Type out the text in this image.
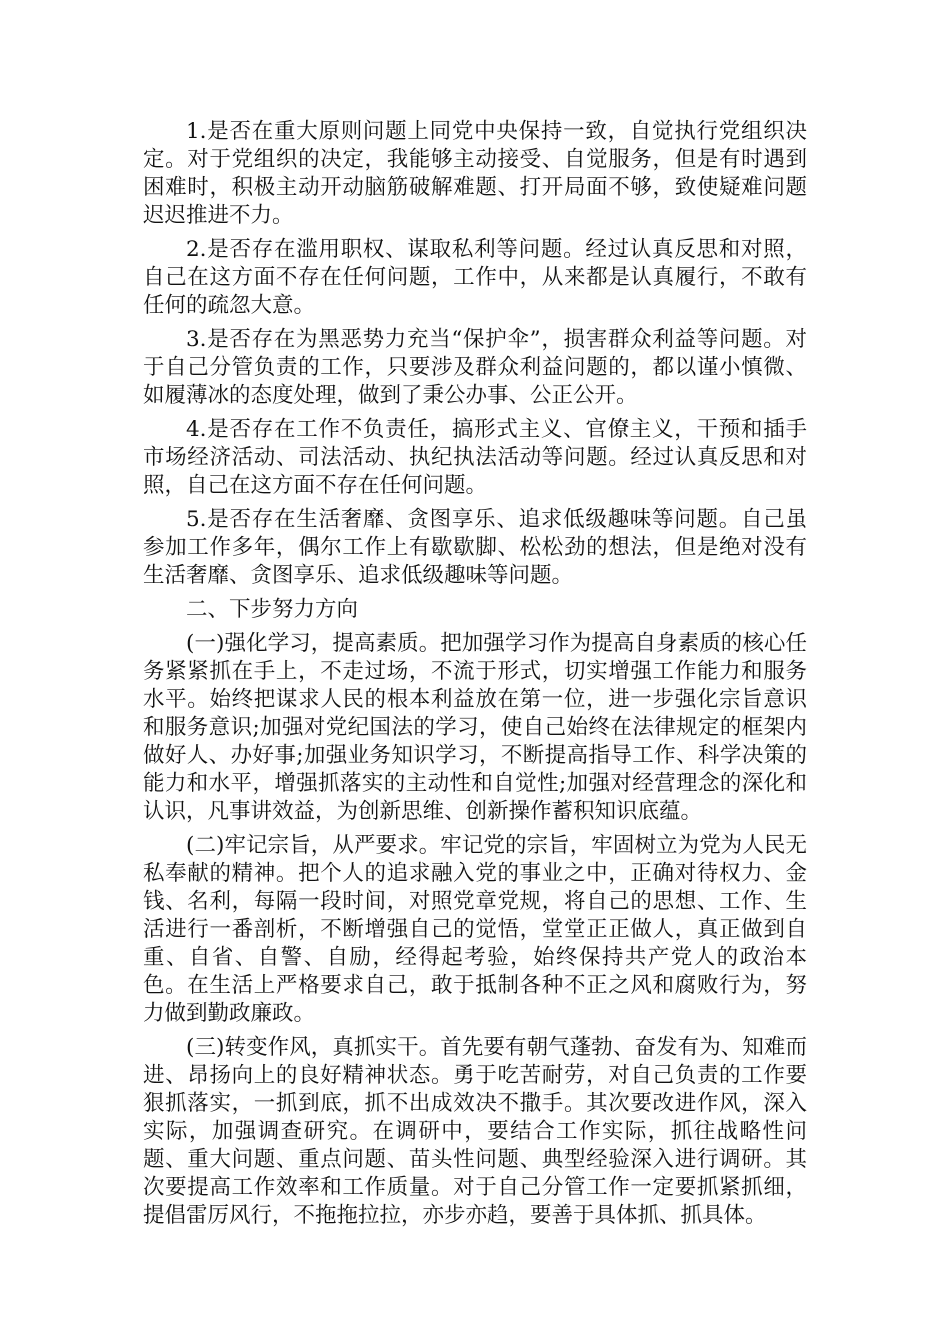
1.是否在重大原则问题上同党中央保持一致，自觉执行党组织决定。对于党组织的决定，我能够主动接受、自觉服务，但是有时遇到困难时，积极主动开动脑筋破解难题、打开局面不够，致使疑难问题迟迟推进不力。

2.是否存在滥用职权、谋取私利等问题。经过认真反思和对照，自己在这方面不存在任何问题，工作中，从来都是认真履行，不敢有任何的疏忽大意。

3.是否存在为黑恶势力充当“保护伞”，损害群众利益等问题。对于自己分管负责的工作，只要涉及群众利益问题的，都以谨小慎微、如履薄冰的态度处理，做到了秉公办事、公正公开。

4.是否存在工作不负责任，搞形式主义、官僚主义，干预和插手市场经济活动、司法活动、执纪执法活动等问题。经过认真反思和对照，自己在这方面不存在任何问题。

5.是否存在生活奢靡、贪图享乐、追求低级趣味等问题。自己虽参加工作多年，偶尔工作上有歇歇脚、松松劲的想法，但是绝对没有生活奢靡、贪图享乐、追求低级趣味等问题。

二、下步努力方向

(一)强化学习，提高素质。把加强学习作为提高自身素质的核心任务紧紧抓在手上，不走过场，不流于形式，切实增强工作能力和服务水平。始终把谋求人民的根本利益放在第一位，进一步强化宗旨意识和服务意识;加强对党纪国法的学习，使自己始终在法律规定的框架内做好人、办好事;加强业务知识学习，不断提高指导工作、科学决策的能力和水平，增强抓落实的主动性和自觉性;加强对经营理念的深化和认识，凡事讲效益，为创新思维、创新操作蓄积知识底蕴。

(二)牢记宗旨，从严要求。牢记党的宗旨，牢固树立为党为人民无私奉献的精神。把个人的追求融入党的事业之中，正确对待权力、金钱、名利，每隔一段时间，对照党章党规，将自己的思想、工作、生活进行一番剖析，不断增强自己的觉悟，堂堂正正做人，真正做到自重、自省、自警、自励，经得起考验，始终保持共产党人的政治本色。在生活上严格要求自己，敢于抵制各种不正之风和腐败行为，努力做到勤政廉政。

(三)转变作风，真抓实干。首先要有朝气蓬勃、奋发有为、知难而进、昂扬向上的良好精神状态。勇于吃苦耐劳，对自己负责的工作要狠抓落实，一抓到底，抓不出成效决不撒手。其次要改进作风，深入实际，加强调查研究。在调研中，要结合工作实际，抓往战略性问题、重大问题、重点问题、苗头性问题、典型经验深入进行调研。其次要提高工作效率和工作质量。对于自己分管工作一定要抓紧抓细，提倡雷厉风行，不拖拖拉拉，亦步亦趋，要善于具体抓、抓具体。
